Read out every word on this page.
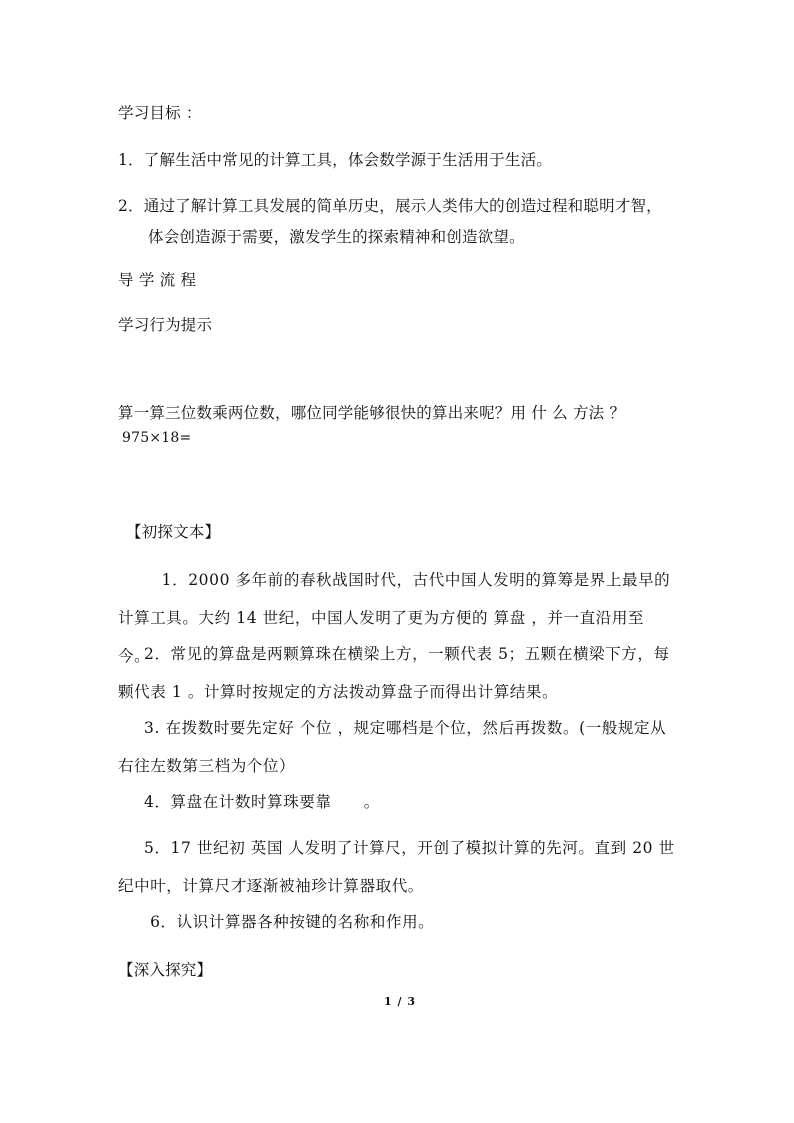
学习目标 ：
1．了解生活中常见的计算工具，体会数学源于生活用于生活。
2．通过了解计算工具发展的简单历史，展示人类伟大的创造过程和聪明才智，
体会创造源于需要，激发学生的探索精神和创造欲望。
导 学 流 程
学习行为提示
算一算三位数乘两位数，哪位同学能够很快的算出来呢？用 什 么 方法 ？
975×18=
【初探文本】
　 1．2000 多年前的春秋战国时代，古代中国人发明的算筹是界上最早的计算工具。大约 14 世纪，中国人发明了更为方便的 算盘 ，并一直沿用至今。
2．常见的算盘是两颗算珠在横梁上方，一颗代表 5；五颗在横梁下方，每颗代表 1 。计算时按规定的方法拨动算盘子而得出计算结果。
3. 在拨数时要先定好 个位 ，规定哪档是个位，然后再拨数。(一般规定从右往左数第三档为个位）
4．算盘在计数时算珠要靠　　。
5．17 世纪初 英国 人发明了计算尺，开创了模拟计算的先河。直到 20 世纪中叶，计算尺才逐渐被袖珍计算器取代。
　6．认识计算器各种按键的名称和作用。
【深入探究】
1 / 3
